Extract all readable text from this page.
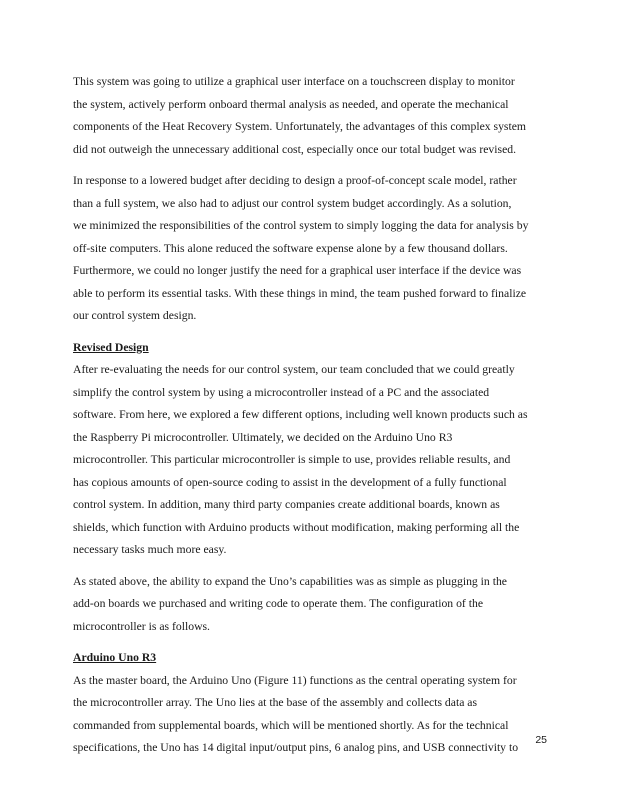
This system was going to utilize a graphical user interface on a touchscreen display to monitor
the system, actively perform onboard thermal analysis as needed, and operate the mechanical
components of the Heat Recovery System. Unfortunately, the advantages of this complex system
did not outweigh the unnecessary additional cost, especially once our total budget was revised.

In response to a lowered budget after deciding to design a proof-of-concept scale model, rather
than a full system, we also had to adjust our control system budget accordingly. As a solution,
we minimized the responsibilities of the control system to simply logging the data for analysis by
off-site computers. This alone reduced the software expense alone by a few thousand dollars.
Furthermore, we could no longer justify the need for a graphical user interface if the device was
able to perform its essential tasks. With these things in mind, the team pushed forward to finalize
our control system design.

Revised Design

After re-evaluating the needs for our control system, our team concluded that we could greatly
simplify the control system by using a microcontroller instead of a PC and the associated
software. From here, we explored a few different options, including well known products such as
the Raspberry Pi microcontroller. Ultimately, we decided on the Arduino Uno R3
microcontroller. This particular microcontroller is simple to use, provides reliable results, and
has copious amounts of open-source coding to assist in the development of a fully functional
control system. In addition, many third party companies create additional boards, known as
shields, which function with Arduino products without modification, making performing all the
necessary tasks much more easy.

As stated above, the ability to expand the Uno’s capabilities was as simple as plugging in the
add-on boards we purchased and writing code to operate them. The configuration of the
microcontroller is as follows.

Arduino Uno R3

As the master board, the Arduino Uno (Figure 11) functions as the central operating system for
the microcontroller array. The Uno lies at the base of the assembly and collects data as
commanded from supplemental boards, which will be mentioned shortly. As for the technical
specifications, the Uno has 14 digital input/output pins, 6 analog pins, and USB connectivity to

25
